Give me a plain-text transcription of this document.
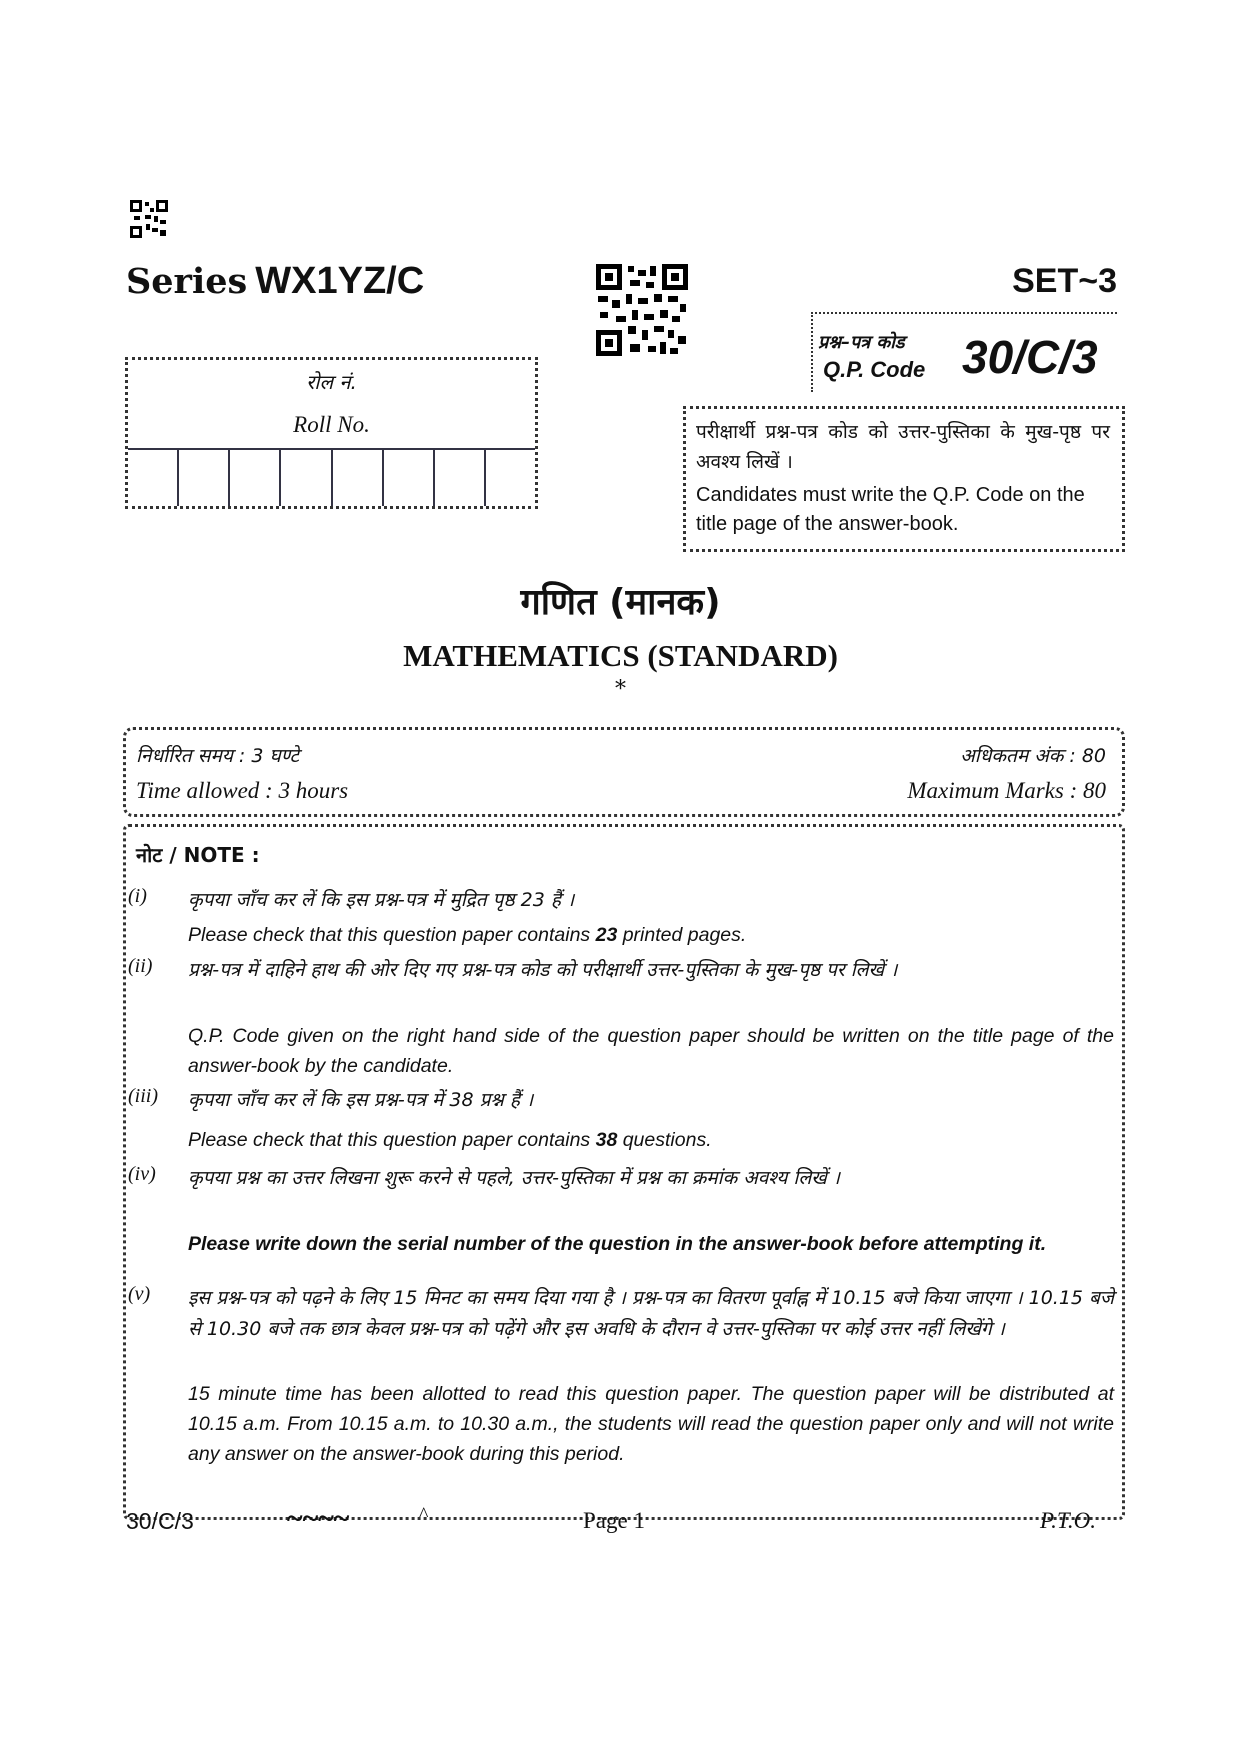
Series WX1YZ/C	SET~3
प्रश्न–पत्र कोड
Q.P. Code 30/C/3
रोल नं.
Roll No.	परीक्षार्थी प्रश्न-पत्र कोड को उत्तर-पुस्तिका के मुख-पृष्ठ पर अवश्य लिखें ।
Candidates must write the Q.P. Code on the title page of the answer-book.
गणित (मानक)
MATHEMATICS (STANDARD)
*
निर्धारित समय : 3 घण्टे
Time allowed : 3 hours
अधिकतम अंक : 80
Maximum Marks : 80
नोट / NOTE :
(i) कृपया जाँच कर लें कि इस प्रश्न-पत्र में मुद्रित पृष्ठ 23 हैं ।
Please check that this question paper contains 23 printed pages.
(ii) प्रश्न-पत्र में दाहिने हाथ की ओर दिए गए प्रश्न-पत्र कोड को परीक्षार्थी उत्तर-पुस्तिका के मुख-पृष्ठ पर लिखें ।
Q.P. Code given on the right hand side of the question paper should be written on the title page of the answer-book by the candidate.
(iii) कृपया जाँच कर लें कि इस प्रश्न-पत्र में 38 प्रश्न हैं ।
Please check that this question paper contains 38 questions.
(iv) कृपया प्रश्न का उत्तर लिखना शुरू करने से पहले, उत्तर-पुस्तिका में प्रश्न का क्रमांक अवश्य लिखें ।
Please write down the serial number of the question in the answer-book before attempting it.
(v) इस प्रश्न-पत्र को पढ़ने के लिए 15 मिनट का समय दिया गया है । प्रश्न-पत्र का वितरण पूर्वाह्न में 10.15 बजे किया जाएगा । 10.15 बजे से 10.30 बजे तक छात्र केवल प्रश्न-पत्र को पढ़ेंगे और इस अवधि के दौरान वे उत्तर-पुस्तिका पर कोई उत्तर नहीं लिखेंगे ।
15 minute time has been allotted to read this question paper. The question paper will be distributed at 10.15 a.m. From 10.15 a.m. to 10.30 a.m., the students will read the question paper only and will not write any answer on the answer-book during this period.
30/C/3	~~~~	^	Page 1	P.T.O.
